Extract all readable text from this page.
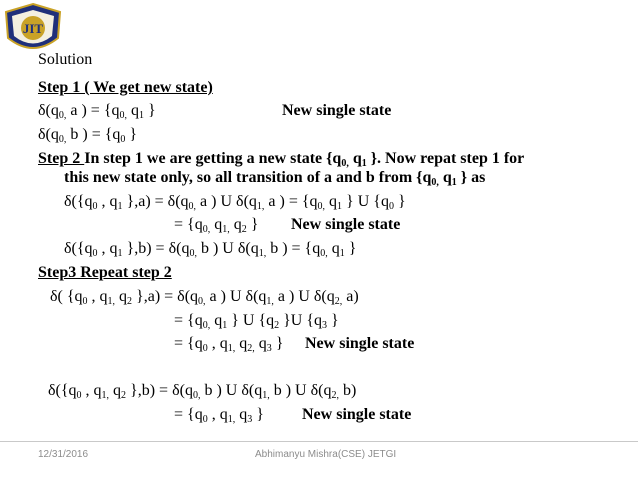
JIT
Solution
Step 1 ( We get new state)
$\delta(q_{0,}$ a ) = {$q_{0,}$ $q_1$ }	New single state
$\delta(q_{0,}$ b ) = {$q_0$ }
Step 2 In step 1 we are getting a new state {$q_{0,}$ $q_1$ }. Now repat step 1 for
this new state only, so all transition of a and b from {$q_{0,}$ $q_1$ } as
$\delta(\{q_0$ , $q_1$ }$,a) = \delta(q_{0,}$ a ) U $\delta(q_{1,}$ a ) = {$q_{0,}$ $q_1$ } U {$q_0$ }
= {$q_{0,}$ $q_{1,}$ $q_2$ } New single state
$\delta(\{q_0$ , $q_1$ }$,b) = \delta(q_{0,}$ b ) U $\delta(q_{1,}$ b ) = {$q_{0,}$ $q_1$ }
Step3 Repeat step 2
δ( {$q_0$ , $q_{1,}$ $q_2$ }$,a) = \delta(q_{0,}$ a ) U $\delta(q_{1,}$ a ) U $\delta(q_{2,}$ a)
= {$q_{0,}$ $q_1$ } U {$q_2$ }U {$q_3$ }
= {$q_0$ , $q_{1,}$ $q_{2,}$ $q_3$ } New single state
$\delta(\{q_0$ , $q_{1,}$ $q_2$ }$,b) = \delta(q_{0,}$ b ) U $\delta(q_{1,}$ b ) U $\delta(q_{2,}$ b)
= {$q_0$ , $q_{1,}$ $q_3$ } New single state
12/31/2016	Abhimanyu Mishra(CSE) JETGI
